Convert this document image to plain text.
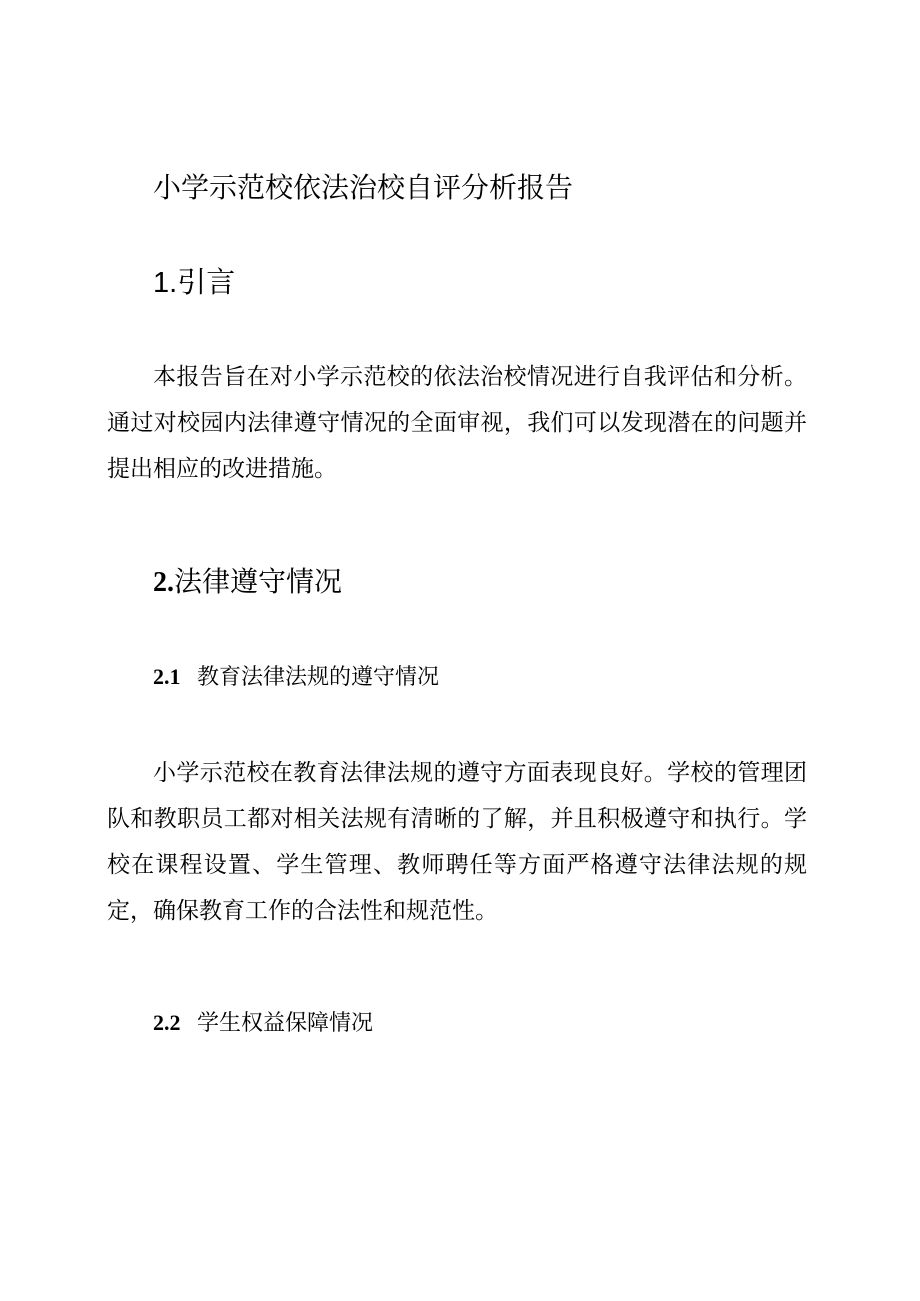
小学示范校依法治校自评分析报告
1.引言

本报告旨在对小学示范校的依法治校情况进行自我评估和分析。通过对校园内法律遵守情况的全面审视，我们可以发现潜在的问题并提出相应的改进措施。

2.法律遵守情况
2.1 教育法律法规的遵守情况

小学示范校在教育法律法规的遵守方面表现良好。学校的管理团队和教职员工都对相关法规有清晰的了解，并且积极遵守和执行。学校在课程设置、学生管理、教师聘任等方面严格遵守法律法规的规定，确保教育工作的合法性和规范性。

2.2 学生权益保障情况
